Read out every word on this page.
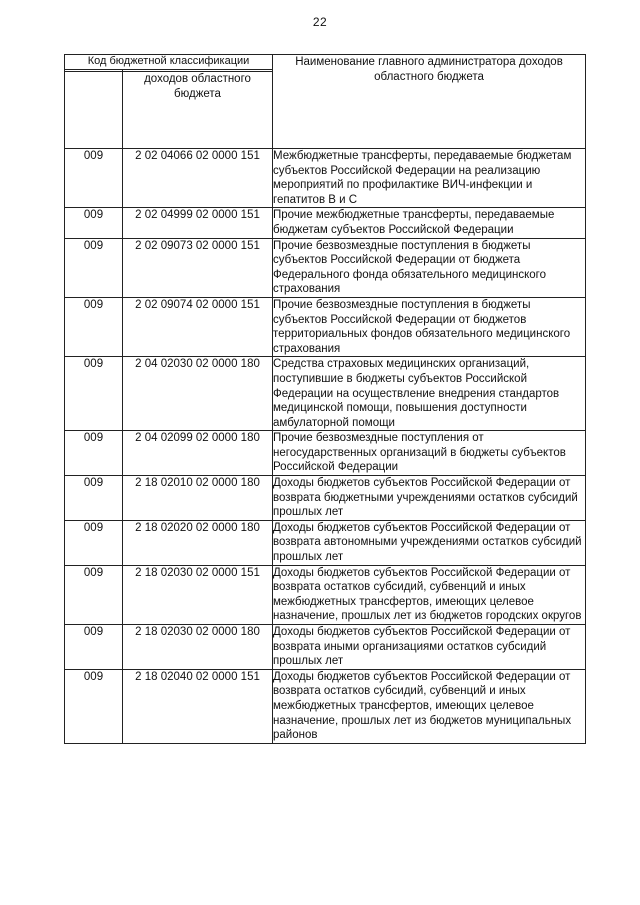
22
Код бюджетной классификации		Наименование главного администратора доходов областного бюджета

	доходов областного бюджета	
009	2 02 04066 02 0000 151	Межбюджетные трансферты, передаваемые бюджетам субъектов Российской Федерации на реализацию мероприятий по профилактике ВИЧ-инфекции и гепатитов В и С
009	2 02 04999 02 0000 151	Прочие межбюджетные трансферты, передаваемые бюджетам субъектов Российской Федерации
009	2 02 09073 02 0000 151	Прочие безвозмездные поступления в бюджеты субъектов Российской Федерации от бюджета Федерального фонда обязательного медицинского страхования
009	2 02 09074 02 0000 151	Прочие безвозмездные поступления в бюджеты субъектов Российской Федерации от бюджетов территориальных фондов обязательного медицинского страхования
009	2 04 02030 02 0000 180	Средства страховых медицинских организаций, поступившие в бюджеты субъектов Российской Федерации на осуществление внедрения стандартов медицинской помощи, повышения доступности амбулаторной помощи
009	2 04 02099 02 0000 180	Прочие безвозмездные поступления от негосударственных организаций в бюджеты субъектов Российской Федерации
009	2 18 02010 02 0000 180	Доходы бюджетов субъектов Российской Федерации от возврата бюджетными учреждениями остатков субсидий прошлых лет
009	2 18 02020 02 0000 180	Доходы бюджетов субъектов Российской Федерации от возврата автономными учреждениями остатков субсидий прошлых лет
009	2 18 02030 02 0000 151	Доходы бюджетов субъектов Российской Федерации от возврата остатков субсидий, субвенций и иных межбюджетных трансфертов, имеющих целевое назначение, прошлых лет из бюджетов городских округов
009	2 18 02030 02 0000 180	Доходы бюджетов субъектов Российской Федерации от возврата иными организациями остатков субсидий прошлых лет
009	2 18 02040 02 0000 151	Доходы бюджетов субъектов Российской Федерации от возврата остатков субсидий, субвенций и иных межбюджетных трансфертов, имеющих целевое назначение, прошлых лет из бюджетов муниципальных районов
